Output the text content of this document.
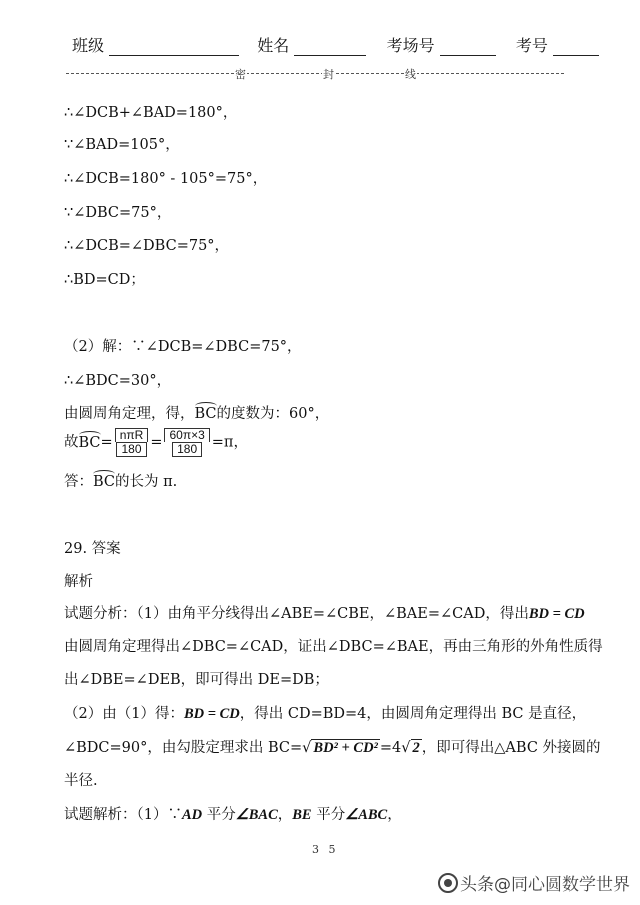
班级	姓名	考场号	考号
密	封	线
∴∠DCB+∠BAD=180°，
∵∠BAD=105°，
∴∠DCB=180° - 105°=75°，
∵∠DBC=75°，
∴∠DCB=∠DBC=75°，
∴BD=CD；
（2）解：∵∠DCB=∠DBC=75°，
∴∠BDC=30°，
由圆周角定理，得，BC的度数为：60°，
故$BC= \frac{\text{nπR}}{180} = \frac{60\pi\times 3}{180} =\pi$，
答：BC的长为 π.
29. 答案
解析
试题分析：（1）由角平分线得出∠ABE=∠CBE，∠BAE=∠CAD，得出BD = CD
由圆周角定理得出∠DBC=∠CAD，证出∠DBC=∠BAE，再由三角形的外角性质得
出∠DBE=∠DEB，即可得出 DE=DB；
（2）由（1）得：BD = CD，得出 CD=BD=4，由圆周角定理得出 BC 是直径，
∠BDC=90°，由勾股定理求出 BC=√ BD² + CD² =4√ 2 ，即可得出△ABC 外接圆的
半径.
试题解析：（1）∵AD 平分∠BAC，BE 平分∠ABC，
3 5
头条@同心圆数学世界
